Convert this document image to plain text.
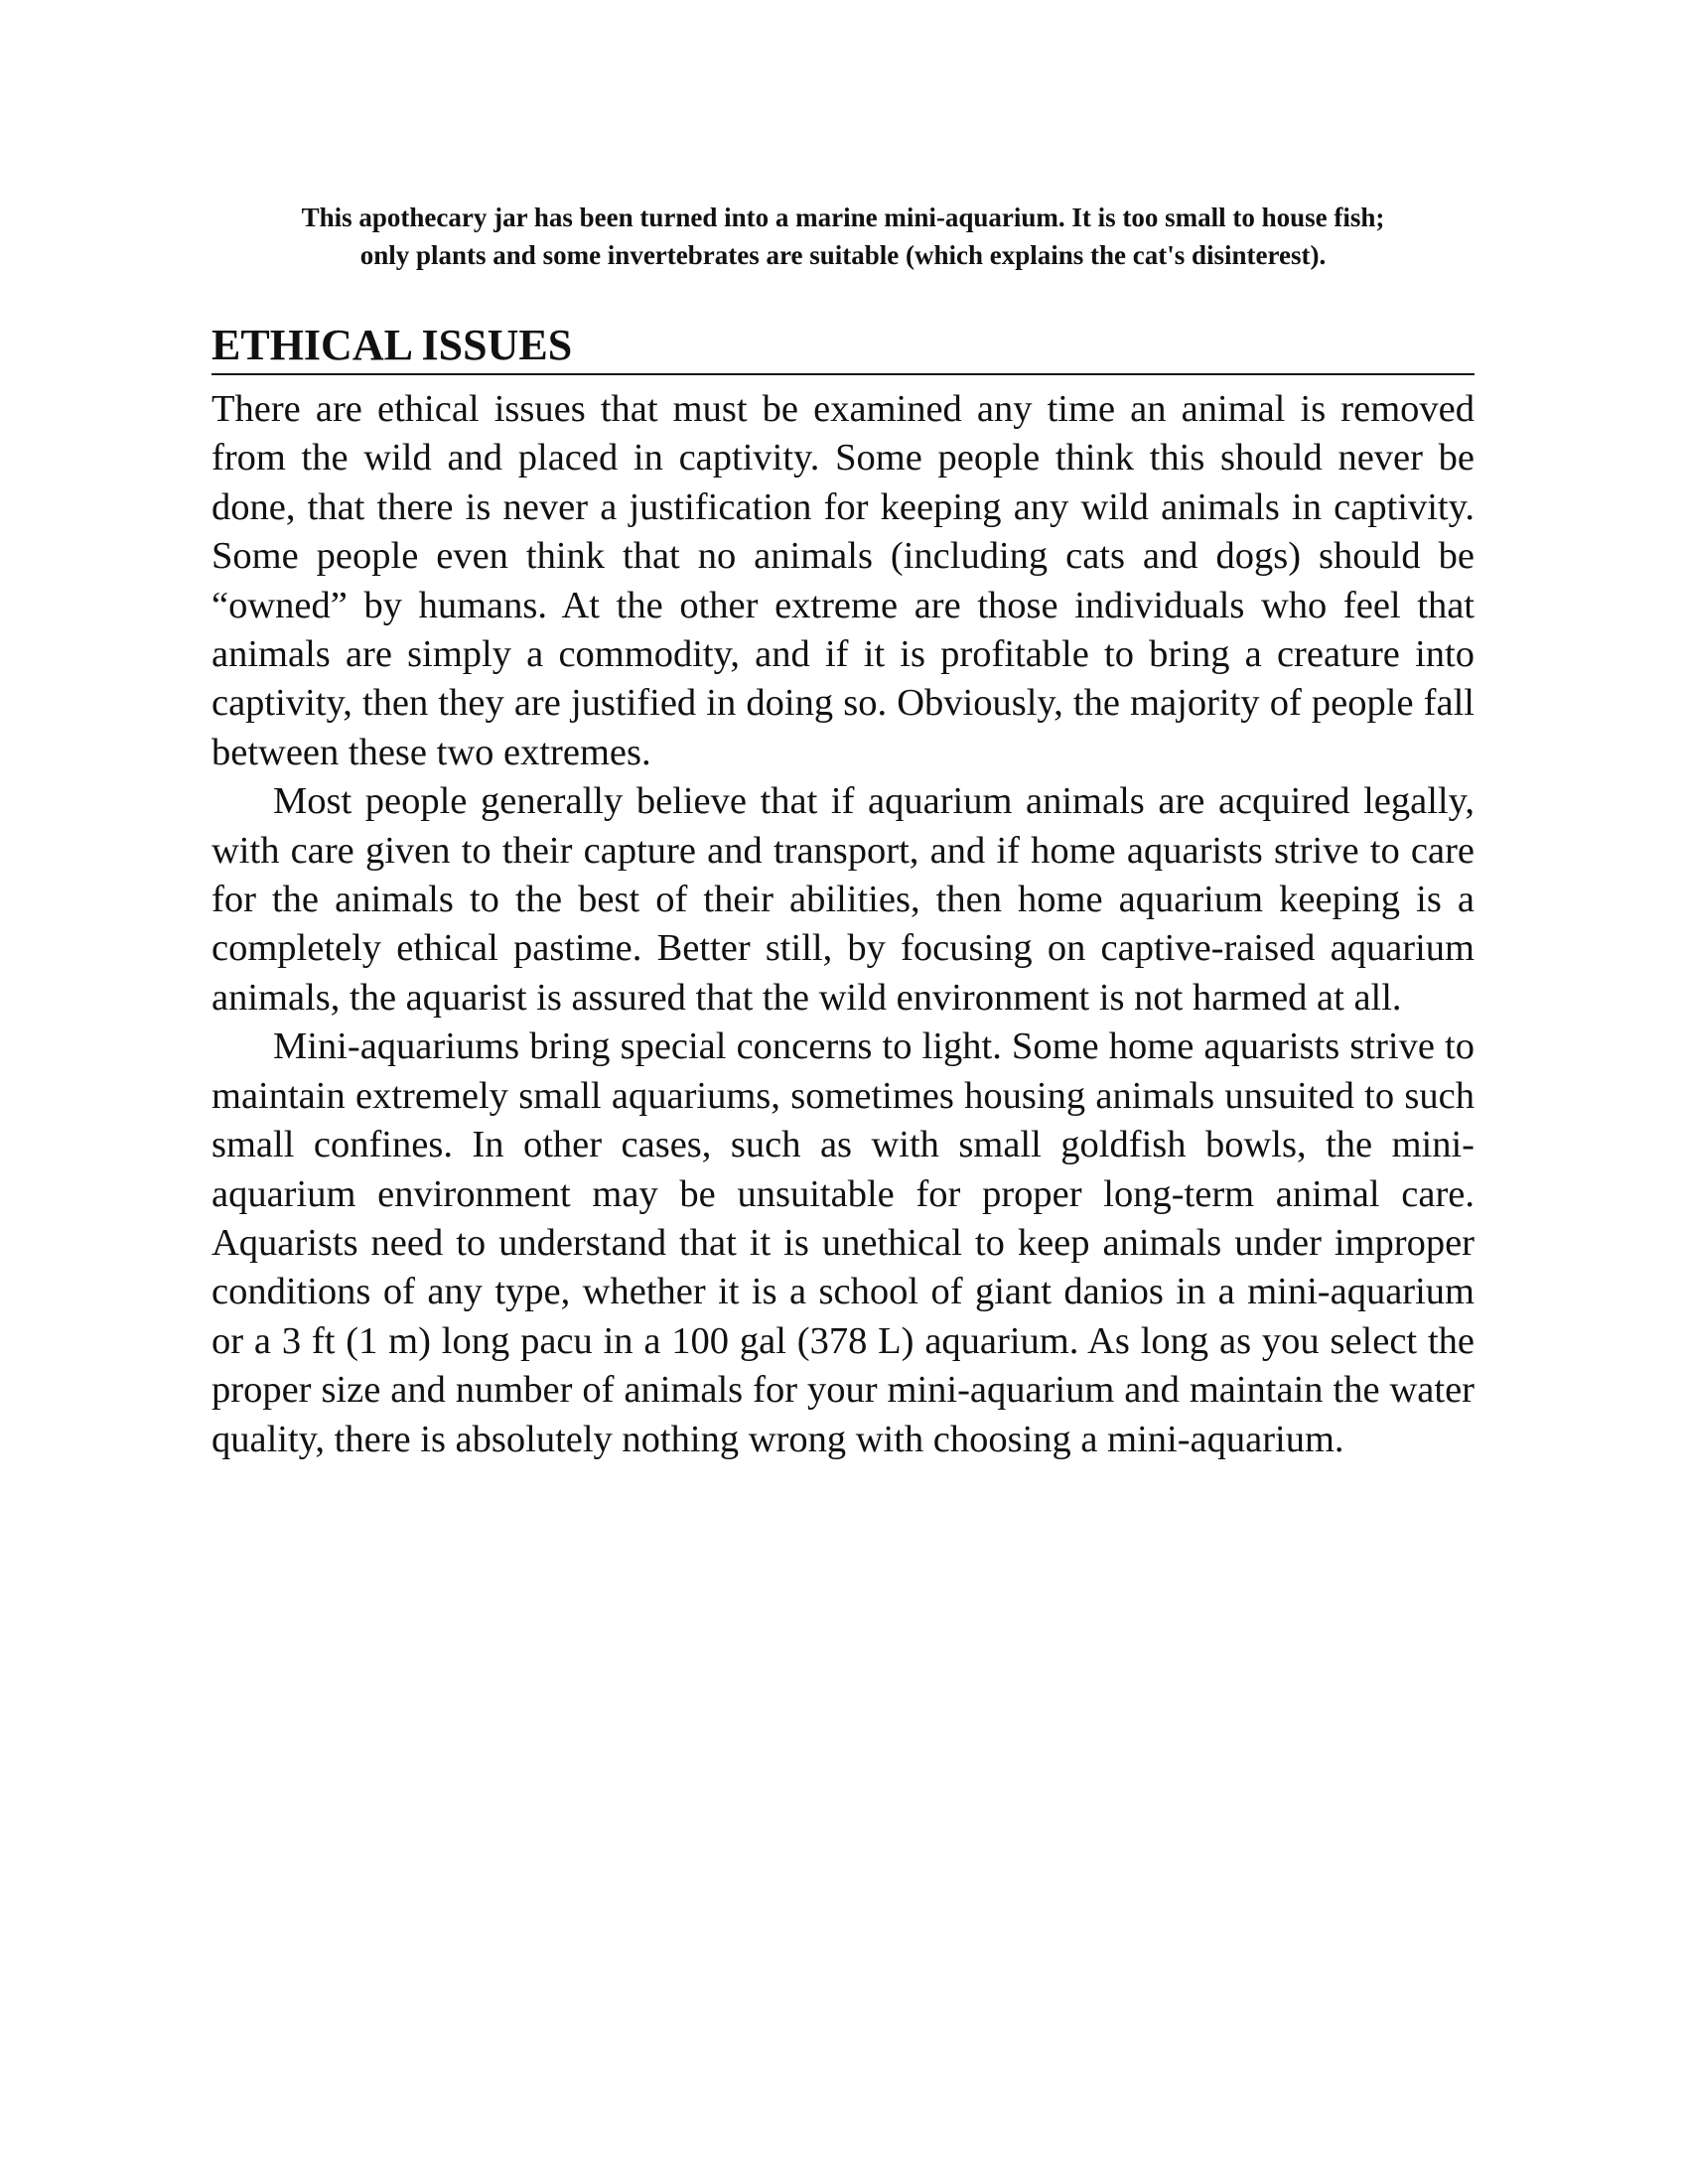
This apothecary jar has been turned into a marine mini-aquarium. It is too small to house fish;

only plants and some invertebrates are suitable (which explains the cat's disinterest).

ETHICAL ISSUES

There are ethical issues that must be examined any time an animal is removed from the wild and placed in captivity. Some people think this should never be done, that there is never a justification for keeping any wild animals in captivity. Some people even think that no animals (including cats and dogs) should be “owned” by humans. At the other extreme are those individuals who feel that animals are simply a commodity, and if it is profitable to bring a creature into captivity, then they are justified in doing so. Obviously, the majority of people fall between these two extremes.

Most people generally believe that if aquarium animals are acquired legally, with care given to their capture and transport, and if home aquarists strive to care for the animals to the best of their abilities, then home aquarium keeping is a completely ethical pastime. Better still, by focusing on captive-raised aquarium animals, the aquarist is assured that the wild environment is not harmed at all.

Mini-aquariums bring special concerns to light. Some home aquarists strive to maintain extremely small aquariums, sometimes housing animals unsuited to such small confines. In other cases, such as with small goldfish bowls, the mini-aquarium environment may be unsuitable for proper long-term animal care. Aquarists need to understand that it is unethical to keep animals under improper conditions of any type, whether it is a school of giant danios in a mini-aquarium or a 3 ft (1 m) long pacu in a 100 gal (378 L) aquarium. As long as you select the proper size and number of animals for your mini-aquarium and maintain the water quality, there is absolutely nothing wrong with choosing a mini-aquarium.
